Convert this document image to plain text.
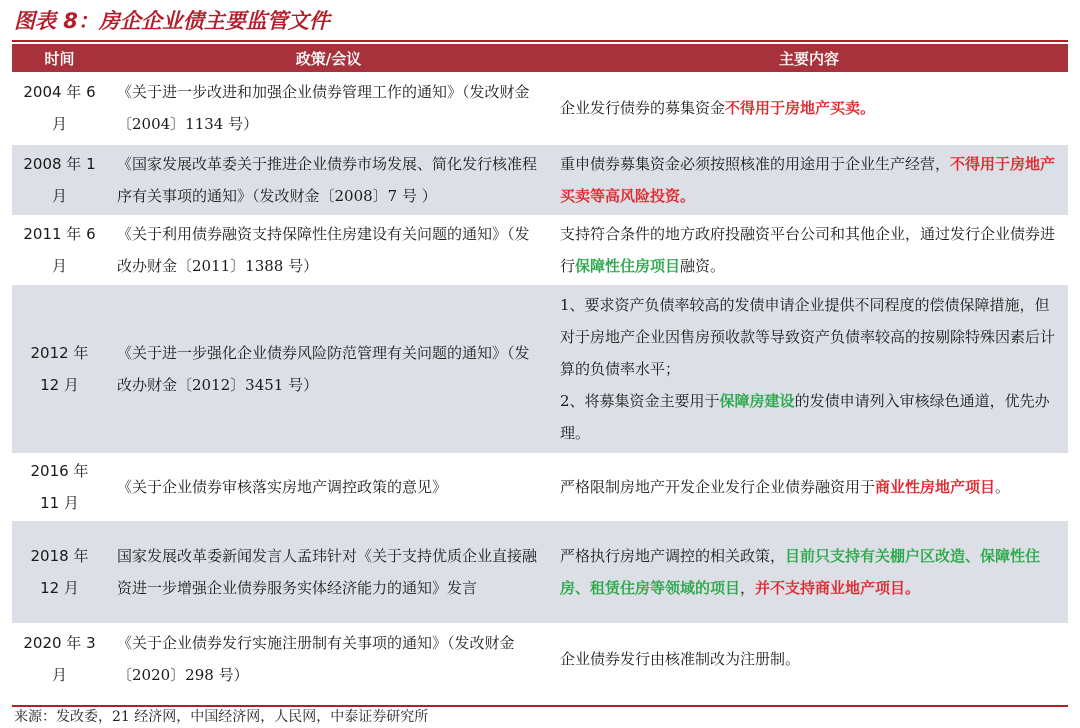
图表 8：房企企业债主要监管文件
时间	政策/会议	主要内容
2004 年 6 月	《关于进一步改进和加强企业债券管理工作的通知》（发改财金〔2004〕1134 号）	企业发行债券的募集资金不得用于房地产买卖。
2008 年 1 月	《国家发展改革委关于推进企业债券市场发展、简化发行核准程序有关事项的通知》（发改财金〔2008〕7 号 ）	重申债券募集资金必须按照核准的用途用于企业生产经营，不得用于房地产买卖等高风险投资。
2011 年 6 月	《关于利用债券融资支持保障性住房建设有关问题的通知》（发改办财金〔2011〕1388 号）	支持符合条件的地方政府投融资平台公司和其他企业，通过发行企业债券进行保障性住房项目融资。
2012 年 12 月	《关于进一步强化企业债券风险防范管理有关问题的通知》（发改办财金〔2012〕3451 号）	1、要求资产负债率较高的发债申请企业提供不同程度的偿债保障措施，但对于房地产企业因售房预收款等导致资产负债率较高的按剔除特殊因素后计算的负债率水平；
2、将募集资金主要用于保障房建设的发债申请列入审核绿色通道，优先办理。
2016 年 11 月	《关于企业债券审核落实房地产调控政策的意见》	严格限制房地产开发企业发行企业债券融资用于商业性房地产项目。
2018 年 12 月	国家发展改革委新闻发言人孟玮针对《关于支持优质企业直接融资进一步增强企业债券服务实体经济能力的通知》发言	严格执行房地产调控的相关政策，目前只支持有关棚户区改造、保障性住房、租赁住房等领域的项目，并不支持商业地产项目。
2020 年 3 月	《关于企业债券发行实施注册制有关事项的通知》（发改财金〔2020〕298 号）	企业债券发行由核准制改为注册制。
来源：发改委，21 经济网，中国经济网，人民网，中泰证券研究所
